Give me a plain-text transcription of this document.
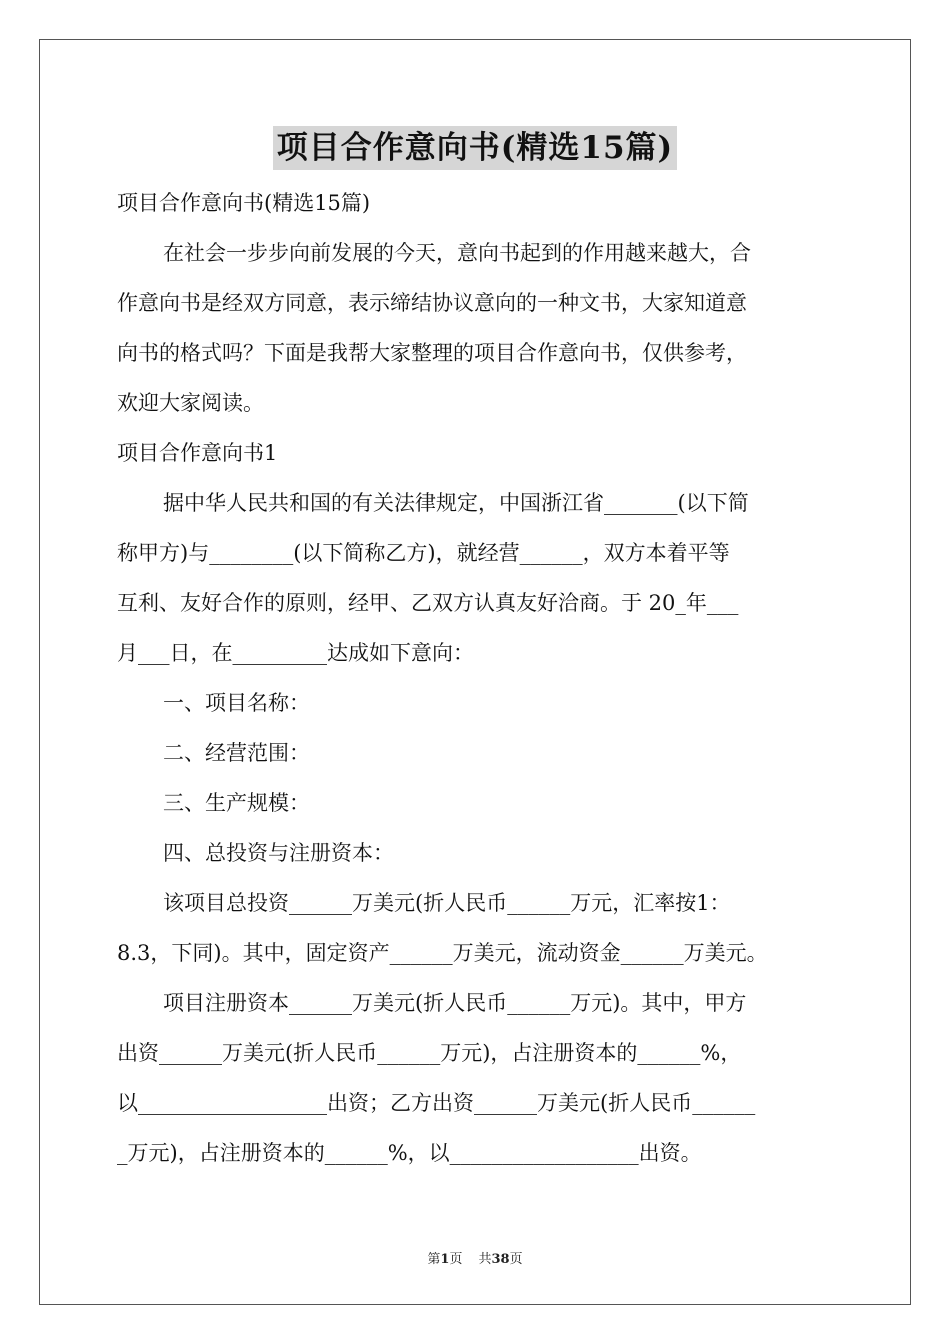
项目合作意向书(精选15篇)
项目合作意向书(精选15篇)
在社会一步步向前发展的今天，意向书起到的作用越来越大，合
作意向书是经双方同意，表示缔结协议意向的一种文书，大家知道意
向书的格式吗？下面是我帮大家整理的项目合作意向书，仅供参考，
欢迎大家阅读。
项目合作意向书1
据中华人民共和国的有关法律规定，中国浙江省_______(以下简
称甲方)与________(以下简称乙方)，就经营______，双方本着平等
互利、友好合作的原则，经甲、乙双方认真友好洽商。于 20_年___
月___日，在_________达成如下意向：
一、项目名称：
二、经营范围：
三、生产规模：
四、总投资与注册资本：
该项目总投资______万美元(折人民币______万元，汇率按1：
8.3，下同)。其中，固定资产______万美元，流动资金______万美元。
项目注册资本______万美元(折人民币______万元)。其中，甲方
出资______万美元(折人民币______万元)，占注册资本的______%，
以__________________出资；乙方出资______万美元(折人民币______
_万元)，占注册资本的______%，以__________________出资。
第1页 共38页
